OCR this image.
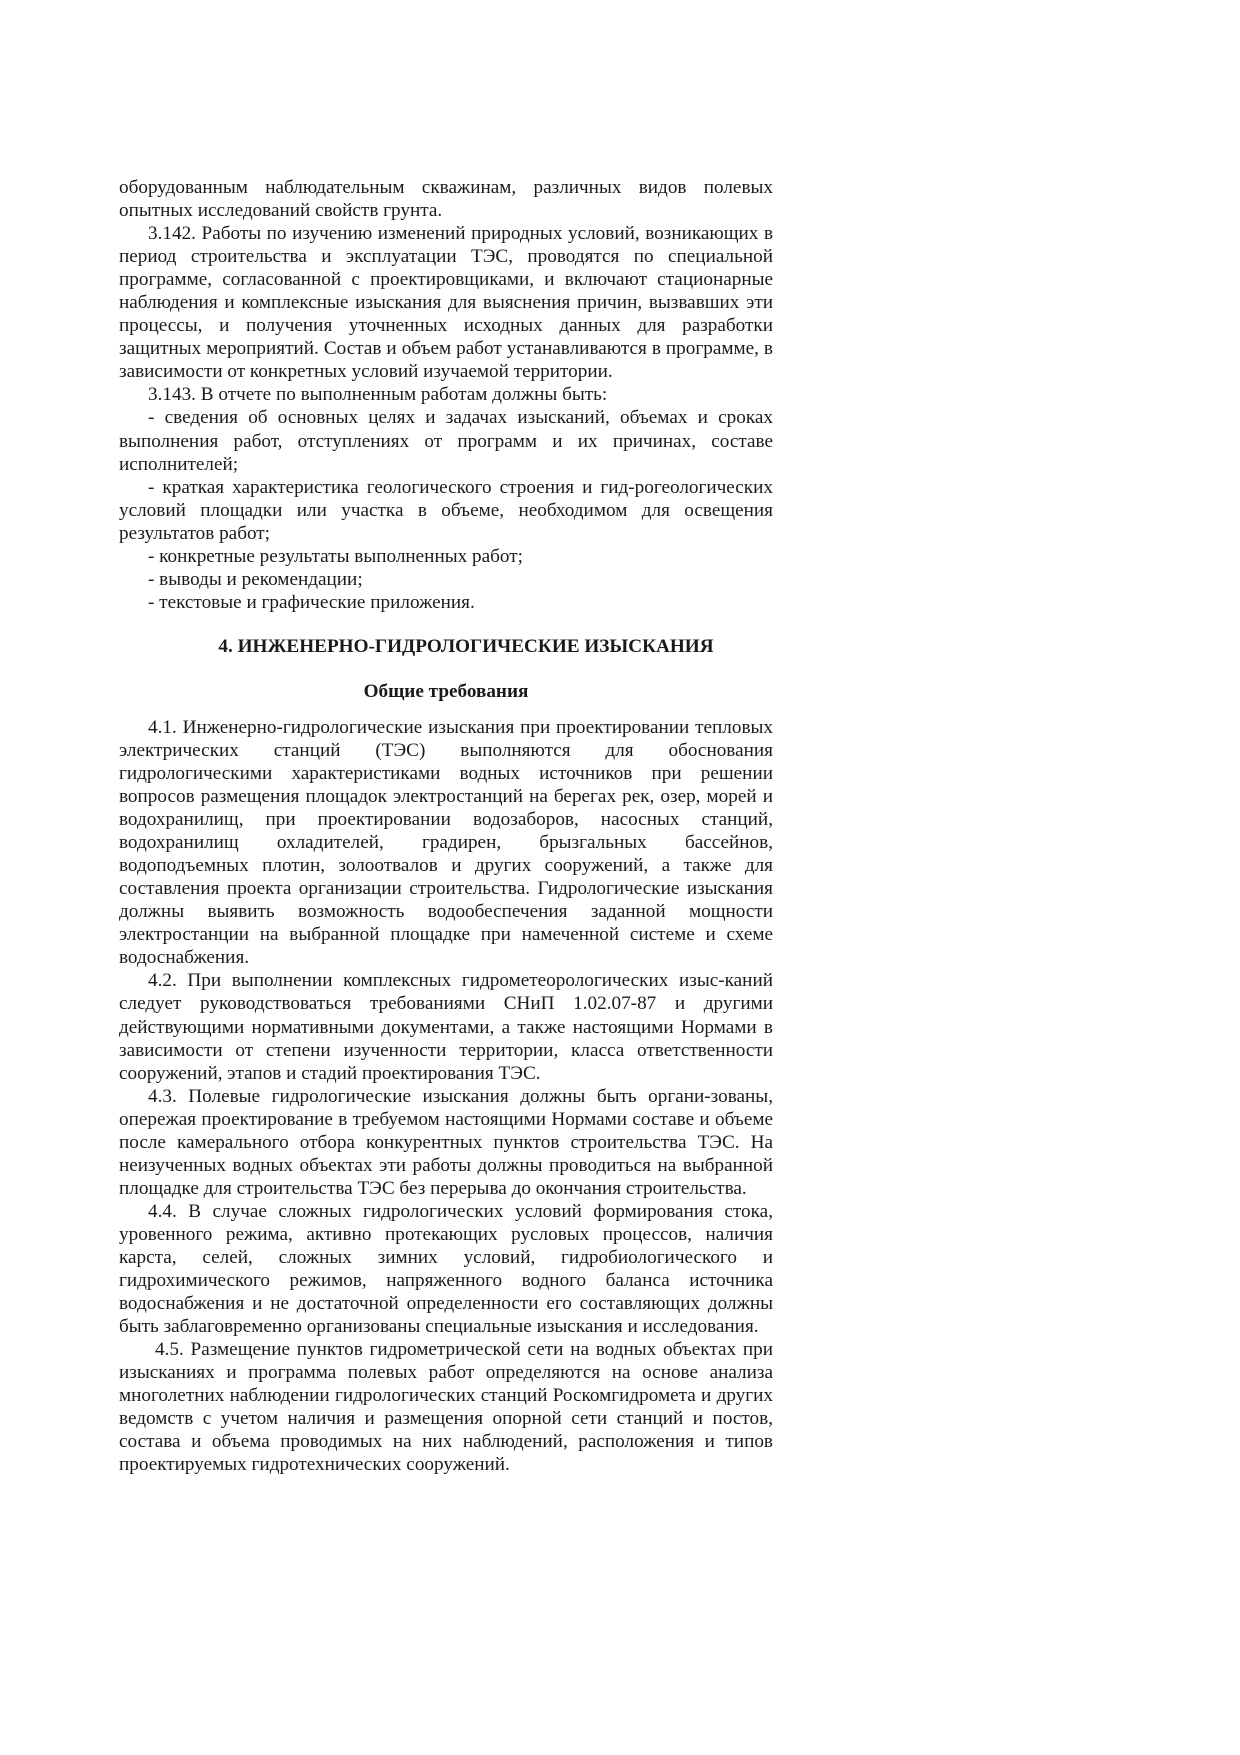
оборудованным наблюдательным скважинам, различных видов полевых опытных исследований свойств грунта.

3.142. Работы по изучению изменений природных условий, возникающих в период строительства и эксплуатации ТЭС, проводятся по специальной программе, согласованной с проектировщиками, и включают стационарные наблюдения и комплексные изыскания для выяснения причин, вызвавших эти процессы, и получения уточненных исходных данных для разработки защитных мероприятий. Состав и объем работ устанавливаются в программе, в зависимости от конкретных условий изучаемой территории.

3.143. В отчете по выполненным работам должны быть:

- сведения об основных целях и задачах изысканий, объемах и сроках выполнения работ, отступлениях от программ и их причинах, составе исполнителей;

- краткая характеристика геологического строения и гид-рогеологических условий площадки или участка в объеме, необходимом для освещения результатов работ;

- конкретные результаты выполненных работ;

- выводы и рекомендации;

- текстовые и графические приложения.

4. ИНЖЕНЕРНО-ГИДРОЛОГИЧЕСКИЕ ИЗЫСКАНИЯ
Общие требования

4.1. Инженерно-гидрологические изыскания при проектировании тепловых электрических станций (ТЭС) выполняются для обоснования гидрологическими характеристиками водных источников при решении вопросов размещения площадок электростанций на берегах рек, озер, морей и водохранилищ, при проектировании водозаборов, насосных станций, водохранилищ охладителей, градирен, брызгальных бассейнов, водоподъемных плотин, золоотвалов и других сооружений, а также для составления проекта организации строительства. Гидрологические изыскания должны выявить возможность водообеспечения заданной мощности электростанции на выбранной площадке при намеченной системе и схеме водоснабжения.

4.2. При выполнении комплексных гидрометеорологических изыс-каний следует руководствоваться требованиями СНиП 1.02.07-87 и другими действующими нормативными документами, а также настоящими Нормами в зависимости от степени изученности территории, класса ответственности сооружений, этапов и стадий проектирования ТЭС.

4.3. Полевые гидрологические изыскания должны быть органи-зованы, опережая проектирование в требуемом настоящими Нормами составе и объеме после камерального отбора конкурентных пунктов строительства ТЭС. На неизученных водных объектах эти работы должны проводиться на выбранной площадке для строительства ТЭС без перерыва до окончания строительства.

4.4. В случае сложных гидрологических условий формирования стока, уровенного режима, активно протекающих русловых процессов, наличия карста, селей, сложных зимних условий, гидробиологического и гидрохимического режимов, напряженного водного баланса источника водоснабжения и не достаточной определенности его составляющих должны быть заблаговременно организованы специальные изыскания и исследования.

4.5. Размещение пунктов гидрометрической сети на водных объектах при изысканиях и программа полевых работ определяются на основе анализа многолетних наблюдении гидрологических станций Роскомгидромета и других ведомств с учетом наличия и размещения опорной сети станций и постов, состава и объема проводимых на них наблюдений, расположения и типов проектируемых гидротехнических сооружений.
